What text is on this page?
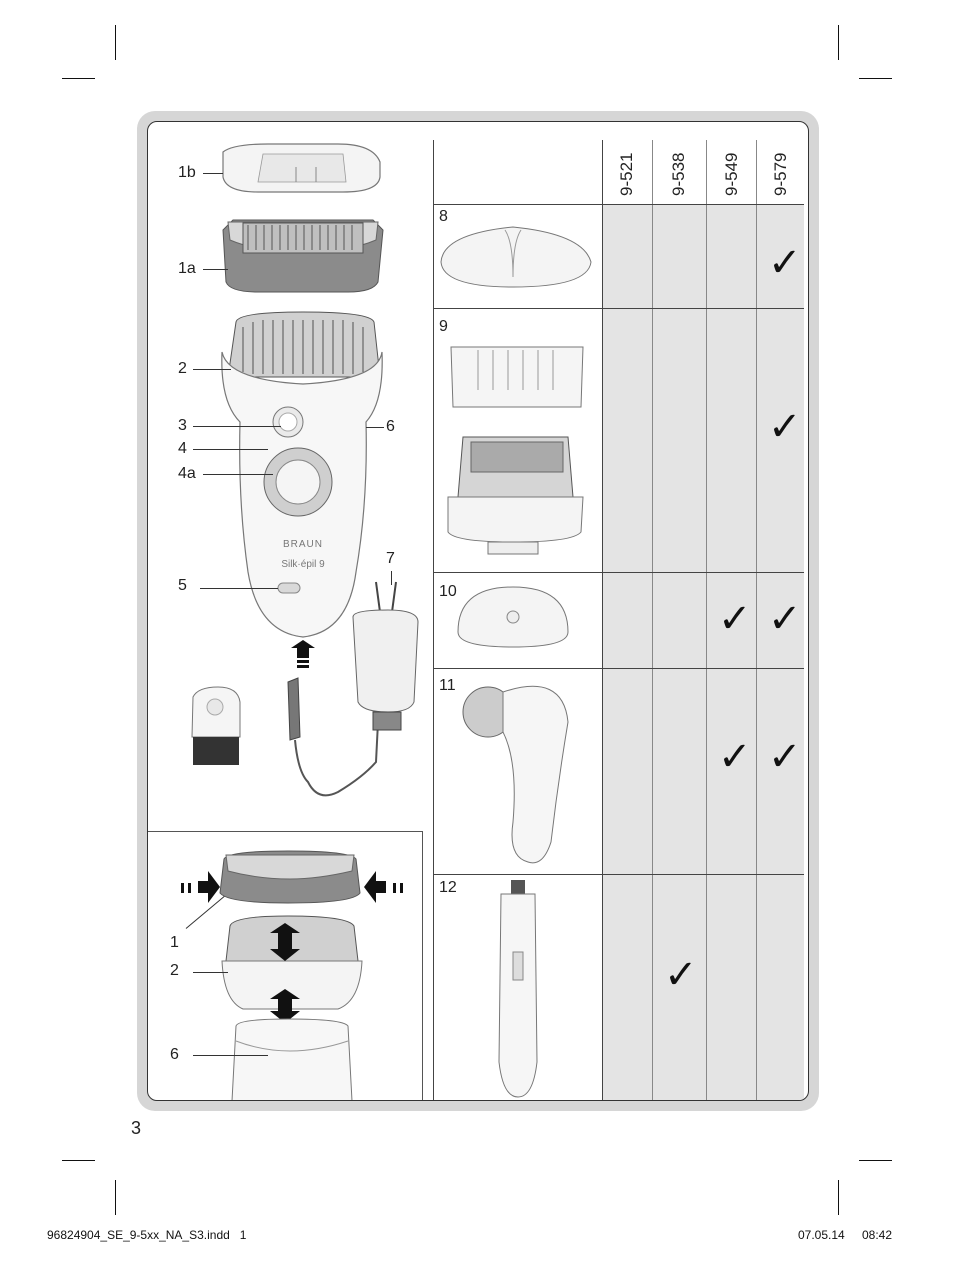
BRAUN
Silk·épil 9
1b
1a
2
3
4
4a
6
5
7
1
2
6
9-521 9-538 9-549 9-579
8
9
10
11
12
✓
✓
✓ ✓
✓ ✓
✓
3
96824904_SE_9-5xx_NA_S3.indd   1	07.05.14 08:42
